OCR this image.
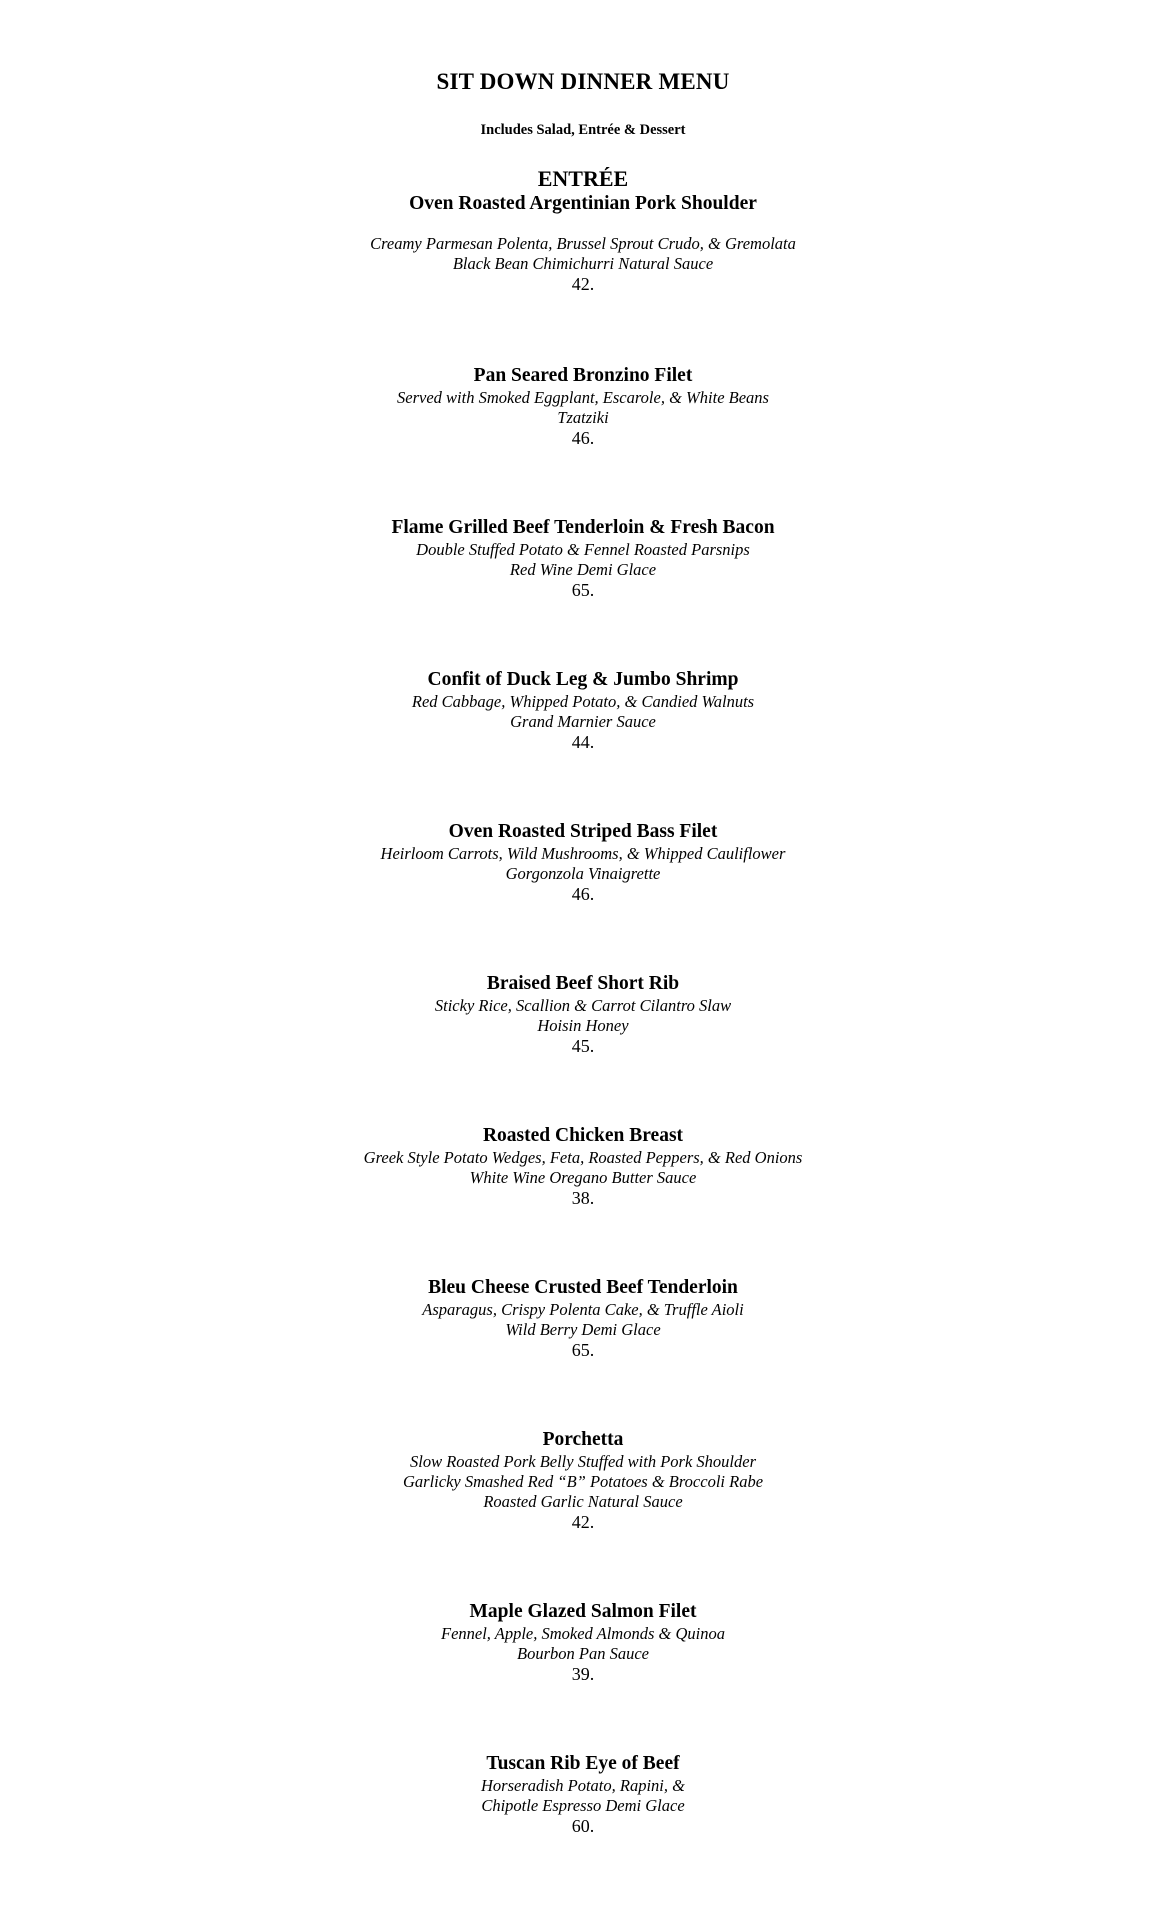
SIT DOWN DINNER MENU
Includes Salad, Entrée & Dessert
ENTRÉE
Oven Roasted Argentinian Pork Shoulder
Creamy Parmesan Polenta, Brussel Sprout Crudo, & Gremolata
Black Bean Chimichurri Natural Sauce
42.
Pan Seared Bronzino Filet
Served with Smoked Eggplant, Escarole, & White Beans
Tzatziki
46.
Flame Grilled Beef Tenderloin & Fresh Bacon
Double Stuffed Potato & Fennel Roasted Parsnips
Red Wine Demi Glace
65.
Confit of Duck Leg & Jumbo Shrimp
Red Cabbage, Whipped Potato, & Candied Walnuts
Grand Marnier Sauce
44.
Oven Roasted Striped Bass Filet
Heirloom Carrots, Wild Mushrooms, & Whipped Cauliflower
Gorgonzola Vinaigrette
46.
Braised Beef Short Rib
Sticky Rice, Scallion & Carrot Cilantro Slaw
Hoisin Honey
45.
Roasted Chicken Breast
Greek Style Potato Wedges, Feta, Roasted Peppers, & Red Onions
White Wine Oregano Butter Sauce
38.
Bleu Cheese Crusted Beef Tenderloin
Asparagus, Crispy Polenta Cake, & Truffle Aioli
Wild Berry Demi Glace
65.
Porchetta
Slow Roasted Pork Belly Stuffed with Pork Shoulder
Garlicky Smashed Red “B” Potatoes & Broccoli Rabe
Roasted Garlic Natural Sauce
42.
Maple Glazed Salmon Filet
Fennel, Apple, Smoked Almonds & Quinoa
Bourbon Pan Sauce
39.
Tuscan Rib Eye of Beef
Horseradish Potato, Rapini, &
Chipotle Espresso Demi Glace
60.
